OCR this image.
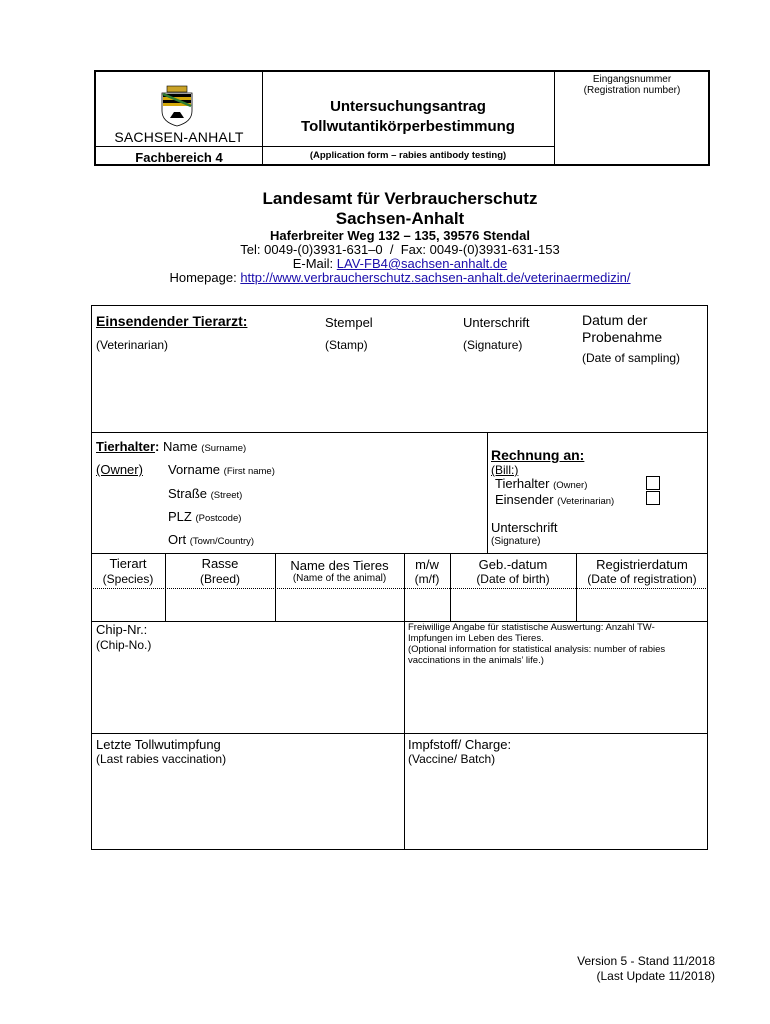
SACHSEN-ANHALT
Fachbereich 4
Untersuchungsantrag
Tollwutantikörperbestimmung
(Application form – rabies antibody testing)
Eingangsnummer
(Registration number)
Landesamt für Verbraucherschutz
Sachsen-Anhalt
Haferbreiter Weg 132 – 135, 39576 Stendal
Tel: 0049-(0)3931-631–0  /  Fax: 0049-(0)3931-631-153
E-Mail: LAV-FB4@sachsen-anhalt.de
Homepage: http://www.verbraucherschutz.sachsen-anhalt.de/veterinaermedizin/
Einsendender Tierarzt:
(Veterinarian)
Stempel
(Stamp)
Unterschrift
(Signature)
Datum der
Probenahme
(Date of sampling)
Tierhalter: Name (Surname)
(Owner) Vorname (First name)
Straße (Street)
PLZ (Postcode)
Ort (Town/Country)
Rechnung an:
(Bill:)
Tierhalter (Owner)
Einsender (Veterinarian)
Unterschrift
(Signature)
Tierart
(Species)
Rasse
(Breed)
Name des Tieres
(Name of the animal)
m/w
(m/f)
Geb.-datum
(Date of birth)
Registrierdatum
(Date of registration)
Chip-Nr.:
(Chip-No.)
Freiwillige Angabe für statistische Auswertung: Anzahl TW-
Impfungen im Leben des Tieres.
(Optional information for statistical analysis: number of rabies
vaccinations in the animals’ life.)
Letzte Tollwutimpfung
(Last rabies vaccination)
Impfstoff/ Charge:
(Vaccine/ Batch)
Version 5 - Stand 11/2018
(Last Update 11/2018)
